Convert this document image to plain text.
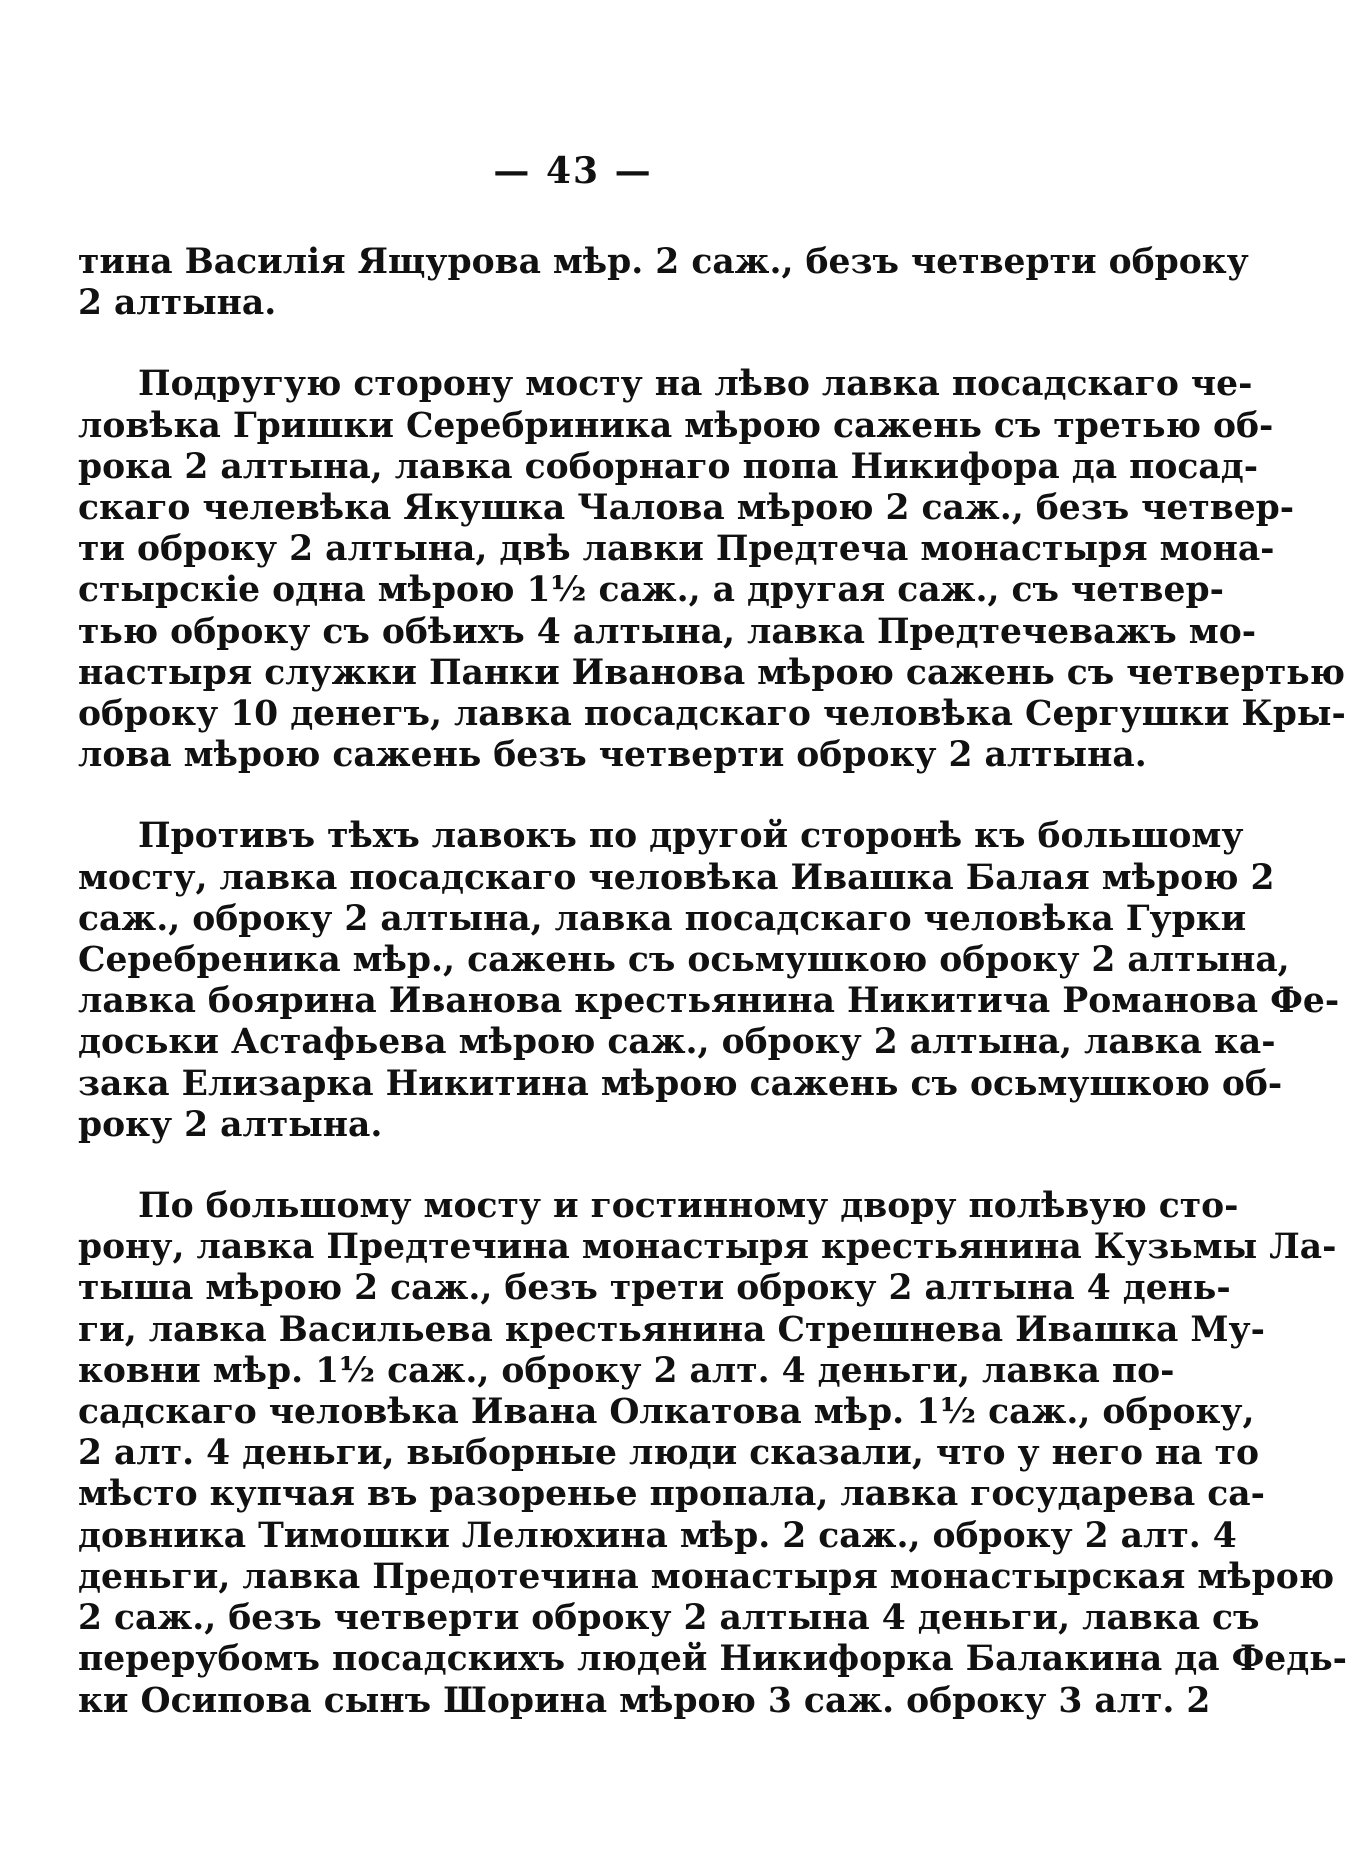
— 43 —

тина Василія Ящурова мѣр. 2 саж., безъ четверти оброку
2 алтына.

Подругую сторону мосту на лѣво лавка посадскаго че-
ловѣка Гришки Серебриника мѣрою сажень съ третью об-
рока 2 алтына, лавка соборнаго попа Никифора да посад-
скаго челевѣка Якушка Чалова мѣрою 2 саж., безъ четвер-
ти оброку 2 алтына, двѣ лавки Предтеча монастыря мона-
стырскіе одна мѣрою 1½ саж., а другая саж., съ четвер-
тью оброку съ обѣихъ 4 алтына, лавка Предтечеважъ мо-
настыря служки Панки Иванова мѣрою сажень съ четвертью
оброку 10 денегъ, лавка посадскаго человѣка Сергушки Кры-
лова мѣрою сажень безъ четверти оброку 2 алтына.

Противъ тѣхъ лавокъ по другой сторонѣ къ большому
мосту, лавка посадскаго человѣка Ивашка Балая мѣрою 2
саж., оброку 2 алтына, лавка посадскаго человѣка Гурки
Серебреника мѣр., сажень съ осьмушкою оброку 2 алтына,
лавка боярина Иванова крестьянина Никитича Романова Фе-
доськи Астафьева мѣрою саж., оброку 2 алтына, лавка ка-
зака Елизарка Никитина мѣрою сажень съ осьмушкою об-
року 2 алтына.

По большому мосту и гостинному двору полѣвую сто-
рону, лавка Предтечина монастыря крестьянина Кузьмы Ла-
тыша мѣрою 2 саж., безъ трети оброку 2 алтына 4 день-
ги, лавка Васильева крестьянина Стрешнева Ивашка Му-
ковни мѣр. 1½ саж., оброку 2 алт. 4 деньги, лавка по-
садскаго человѣка Ивана Олкатова мѣр. 1½ саж., оброку,
2 алт. 4 деньги, выборные люди сказали, что у него на то
мѣсто купчая въ разоренье пропала, лавка государева са-
довника Тимошки Лелюхина мѣр. 2 саж., оброку 2 алт. 4
деньги, лавка Предотечина монастыря монастырская мѣрою
2 саж., безъ четверти оброку 2 алтына 4 деньги, лавка съ
перерубомъ посадскихъ людей Никифорка Балакина да Федь-
ки Осипова сынъ Шорина мѣрою 3 саж. оброку 3 алт. 2
